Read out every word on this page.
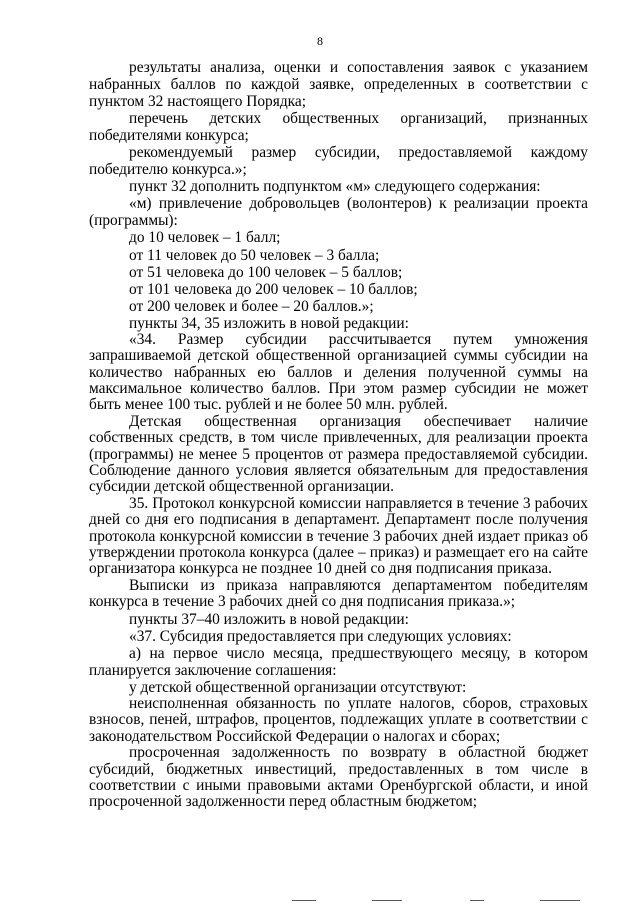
8

результаты анализа, оценки и сопоставления заявок с указанием набранных баллов по каждой заявке, определенных в соответствии с пунктом 32 настоящего Порядка;

перечень детских общественных организаций, признанных победителями конкурса;

рекомендуемый размер субсидии, предоставляемой каждому победителю конкурса.»;

пункт 32 дополнить подпунктом «м» следующего содержания:

«м) привлечение добровольцев (волонтеров) к реализации проекта (программы):

до 10 человек – 1 балл;

от 11 человек до 50 человек – 3 балла;

от 51 человека до 100 человек – 5 баллов;

от 101 человека до 200 человек – 10 баллов;

от 200 человек и более – 20 баллов.»;

пункты 34, 35 изложить в новой редакции:

«34. Размер субсидии рассчитывается путем умножения запрашиваемой детской общественной организацией суммы субсидии на количество набранных ею баллов и деления полученной суммы на максимальное количество баллов. При этом размер субсидии не может быть менее 100 тыс. рублей и не более 50 млн. рублей.

Детская общественная организация обеспечивает наличие собственных средств, в том числе привлеченных, для реализации проекта (программы) не менее 5 процентов от размера предоставляемой субсидии. Соблюдение данного условия является обязательным для предоставления субсидии детской общественной организации.

35. Протокол конкурсной комиссии направляется в течение 3 рабочих дней со дня его подписания в департамент. Департамент после получения протокола конкурсной комиссии в течение 3 рабочих дней издает приказ об утверждении протокола конкурса (далее – приказ) и размещает его на сайте организатора конкурса не позднее 10 дней со дня подписания приказа.

Выписки из приказа направляются департаментом победителям конкурса в течение 3 рабочих дней со дня подписания приказа.»;

пункты 37–40 изложить в новой редакции:

«37. Субсидия предоставляется при следующих условиях:

а) на первое число месяца, предшествующего месяцу, в котором планируется заключение соглашения:

у детской общественной организации отсутствуют:

неисполненная обязанность по уплате налогов, сборов, страховых взносов, пеней, штрафов, процентов, подлежащих уплате в соответствии с законодательством Российской Федерации о налогах и сборах;

просроченная задолженность по возврату в областной бюджет субсидий, бюджетных инвестиций, предоставленных в том числе в соответствии с иными правовыми актами Оренбургской области, и иной просроченной задолженности перед областным бюджетом;
